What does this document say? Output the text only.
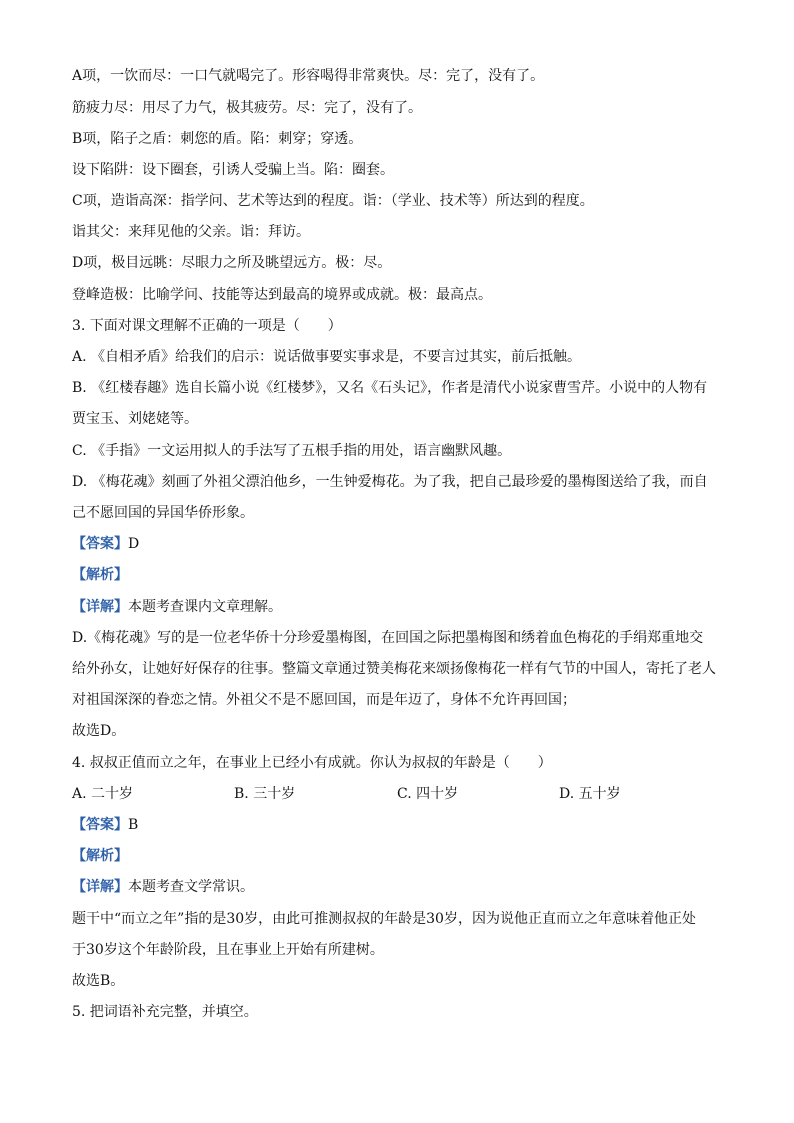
A项，一饮而尽：一口气就喝完了。形容喝得非常爽快。尽：完了，没有了。
筋疲力尽：用尽了力气，极其疲劳。尽：完了，没有了。
B项，陷子之盾：刺您的盾。陷：刺穿；穿透。
设下陷阱：设下圈套，引诱人受骗上当。陷：圈套。
C项，造诣高深：指学问、艺术等达到的程度。诣：（学业、技术等）所达到的程度。
诣其父：来拜见他的父亲。诣：拜访。
D项，极目远眺：尽眼力之所及眺望远方。极：尽。
登峰造极：比喻学问、技能等达到最高的境界或成就。极：最高点。
3. 下面对课文理解不正确的一项是（　　）
A. 《自相矛盾》给我们的启示：说话做事要实事求是，不要言过其实，前后抵触。
B. 《红楼春趣》选自长篇小说《红楼梦》，又名《石头记》，作者是清代小说家曹雪芹。小说中的人物有
贾宝玉、刘姥姥等。
C. 《手指》一文运用拟人的手法写了五根手指的用处，语言幽默风趣。
D. 《梅花魂》刻画了外祖父漂泊他乡，一生钟爱梅花。为了我，把自己最珍爱的墨梅图送给了我，而自
己不愿回国的异国华侨形象。
【答案】D
【解析】
【详解】本题考查课内文章理解。
D.《梅花魂》写的是一位老华侨十分珍爱墨梅图，在回国之际把墨梅图和绣着血色梅花的手绢郑重地交
给外孙女，让她好好保存的往事。整篇文章通过赞美梅花来颂扬像梅花一样有气节的中国人，寄托了老人
对祖国深深的眷恋之情。外祖父不是不愿回国，而是年迈了，身体不允许再回国；
故选D。
4. 叔叔正值而立之年，在事业上已经小有成就。你认为叔叔的年龄是（　　）
A. 二十岁	B. 三十岁	C. 四十岁	D. 五十岁
【答案】B
【解析】
【详解】本题考查文学常识。
题干中“而立之年”指的是30岁，由此可推测叔叔的年龄是30岁，因为说他正直而立之年意味着他正处
于30岁这个年龄阶段，且在事业上开始有所建树。
故选B。
5. 把词语补充完整，并填空。
